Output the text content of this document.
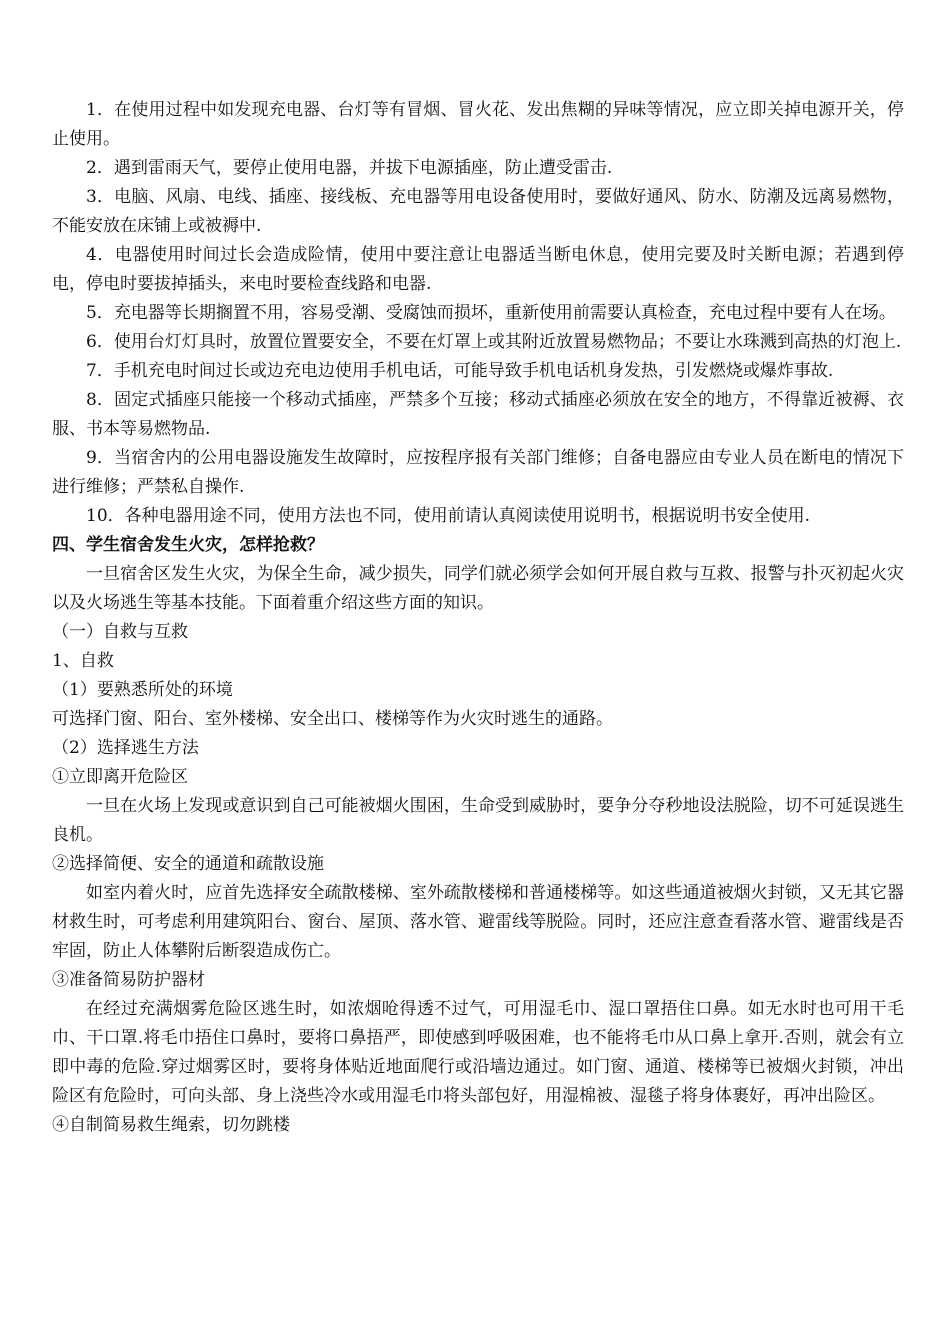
1．在使用过程中如发现充电器、台灯等有冒烟、冒火花、发出焦糊的异味等情况，应立即关掉电源开关，停止使用。

2．遇到雷雨天气，要停止使用电器，并拔下电源插座，防止遭受雷击.

3．电脑、风扇、电线、插座、接线板、充电器等用电设备使用时，要做好通风、防水、防潮及远离易燃物，不能安放在床铺上或被褥中.

4．电器使用时间过长会造成险情，使用中要注意让电器适当断电休息，使用完要及时关断电源；若遇到停电，停电时要拔掉插头，来电时要检查线路和电器.

5．充电器等长期搁置不用，容易受潮、受腐蚀而损坏，重新使用前需要认真检查，充电过程中要有人在场。

6．使用台灯灯具时，放置位置要安全，不要在灯罩上或其附近放置易燃物品；不要让水珠溅到高热的灯泡上.

7．手机充电时间过长或边充电边使用手机电话，可能导致手机电话机身发热，引发燃烧或爆炸事故.

8．固定式插座只能接一个移动式插座，严禁多个互接；移动式插座必须放在安全的地方，不得靠近被褥、衣服、书本等易燃物品.

9．当宿舍内的公用电器设施发生故障时，应按程序报有关部门维修；自备电器应由专业人员在断电的情况下进行维修；严禁私自操作.

10．各种电器用途不同，使用方法也不同，使用前请认真阅读使用说明书，根据说明书安全使用.

四、学生宿舍发生火灾，怎样抢救？

一旦宿舍区发生火灾，为保全生命，减少损失，同学们就必须学会如何开展自救与互救、报警与扑灭初起火灾以及火场逃生等基本技能。下面着重介绍这些方面的知识。

（一）自救与互救

1、自救

（1）要熟悉所处的环境

可选择门窗、阳台、室外楼梯、安全出口、楼梯等作为火灾时逃生的通路。

（2）选择逃生方法

①立即离开危险区

一旦在火场上发现或意识到自己可能被烟火围困，生命受到威胁时，要争分夺秒地设法脱险，切不可延误逃生良机。

②选择简便、安全的通道和疏散设施

如室内着火时，应首先选择安全疏散楼梯、室外疏散楼梯和普通楼梯等。如这些通道被烟火封锁，又无其它器材救生时，可考虑利用建筑阳台、窗台、屋顶、落水管、避雷线等脱险。同时，还应注意查看落水管、避雷线是否牢固，防止人体攀附后断裂造成伤亡。

③准备简易防护器材

在经过充满烟雾危险区逃生时，如浓烟呛得透不过气，可用湿毛巾、湿口罩捂住口鼻。如无水时也可用干毛巾、干口罩.将毛巾捂住口鼻时，要将口鼻捂严，即使感到呼吸困难，也不能将毛巾从口鼻上拿开.否则，就会有立即中毒的危险.穿过烟雾区时，要将身体贴近地面爬行或沿墙边通过。如门窗、通道、楼梯等已被烟火封锁，冲出险区有危险时，可向头部、身上浇些冷水或用湿毛巾将头部包好，用湿棉被、湿毯子将身体裹好，再冲出险区。

④自制简易救生绳索，切勿跳楼
